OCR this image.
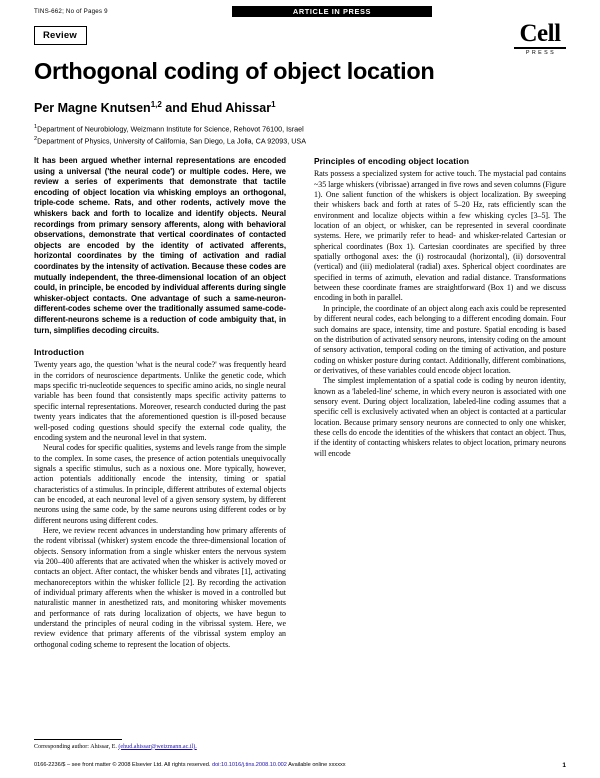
TINS-662; No of Pages 9	ARTICLE IN PRESS
Review	Cell
PRESS
Orthogonal coding of object location
Per Magne Knutsen$^{1,2}$ and Ehud Ahissar$^1$
$^1$Department of Neurobiology, Weizmann Institute for Science, Rehovot 76100, Israel
$^2$Department of Physics, University of California, San Diego, La Jolla, CA 92093, USA
It has been argued whether internal representations are encoded using a universal ('the neural code') or multiple codes. Here, we review a series of experiments that demonstrate that tactile encoding of object location via whisking employs an orthogonal, triple-code scheme. Rats, and other rodents, actively move the whiskers back and forth to localize and identify objects. Neural recordings from primary sensory afferents, along with behavioral observations, demonstrate that vertical coordinates of contacted objects are encoded by the identity of activated afferents, horizontal coordinates by the timing of activation and radial coordinates by the intensity of activation. Because these codes are mutually independent, the three-dimensional location of an object could, in principle, be encoded by individual afferents during single whisker-object contacts. One advantage of such a same-neuron-different-codes scheme over the traditionally assumed same-code-different-neurons scheme is a reduction of code ambiguity that, in turn, simplifies decoding circuits.
Introduction

Twenty years ago, the question 'what is the neural code?' was frequently heard in the corridors of neuroscience departments. Unlike the genetic code, which maps specific tri-nucleotide sequences to specific amino acids, no single neural variable has been found that consistently maps specific activity patterns to specific internal representations. Moreover, research conducted during the past twenty years indicates that the aforementioned question is ill-posed because well-posed coding questions should specify the external code quality, the encoding system and the neuronal level in that system.

Neural codes for specific qualities, systems and levels range from the simple to the complex. In some cases, the presence of action potentials unequivocally signals a specific stimulus, such as a noxious one. More typically, however, action potentials additionally encode the intensity, timing or spatial characteristics of a stimulus. In principle, different attributes of external objects can be encoded, at each neuronal level of a given sensory system, by different neurons using the same code, by the same neurons using different codes or by different neurons using different codes.

Here, we review recent advances in understanding how primary afferents of the rodent vibrissal (whisker) system encode the three-dimensional location of objects. Sensory information from a single whisker enters the nervous system via 200–400 afferents that are activated when the whisker is actively moved or contacts an object. After contact, the whisker bends and vibrates [1], activating mechanoreceptors within the whisker follicle [2]. By recording the activation of individual primary afferents when the whisker is moved in a controlled but naturalistic manner in anesthetized rats, and monitoring whisker movements and performance of rats during localization of objects, we have begun to understand the principles of neural coding in the vibrissal system. Here, we review evidence that primary afferents of the vibrissal system employ an orthogonal coding scheme to represent the location of objects.

Principles of encoding object location

Rats possess a specialized system for active touch. The mystacial pad contains ~35 large whiskers (vibrissae) arranged in five rows and seven columns (Figure 1). One salient function of the whiskers is object localization. By sweeping their whiskers back and forth at rates of 5–20 Hz, rats efficiently scan the environment and localize objects within a few whisking cycles [3–5]. The location of an object, or whisker, can be represented in several coordinate systems. Here, we primarily refer to head- and whisker-related Cartesian or spherical coordinates (Box 1). Cartesian coordinates are specified by three spatially orthogonal axes: the (i) rostrocaudal (horizontal), (ii) dorsoventral (vertical) and (iii) mediolateral (radial) axes. Spherical object coordinates are specified in terms of azimuth, elevation and radial distance. Transformations between these coordinate frames are straightforward (Box 1) and we discuss encoding in both in parallel.

In principle, the coordinate of an object along each axis could be represented by different neural codes, each belonging to a different encoding domain. Four such domains are space, intensity, time and posture. Spatial encoding is based on the distribution of activated sensory neurons, intensity coding on the amount of sensory activation, temporal coding on the timing of activation, and posture coding on whisker posture during contact. Additionally, different combinations, or derivatives, of these variables could encode object location.

The simplest implementation of a spatial code is coding by neuron identity, known as a 'labeled-line' scheme, in which every neuron is associated with one sensory event. During object localization, labeled-line coding assumes that a specific cell is exclusively activated when an object is contacted at a particular location. Because primary sensory neurons are connected to only one whisker, these cells do encode the identities of the whiskers that contact an object. Thus, if the identity of contacting whiskers relates to object location, primary neurons will encode

Corresponding author: Ahissar, E. (ehud.ahissar@weizmann.ac.il).
0166-2236/$ – see front matter © 2008 Elsevier Ltd. All rights reserved. doi:10.1016/j.tins.2008.10.002 Available online xxxxxx	1
